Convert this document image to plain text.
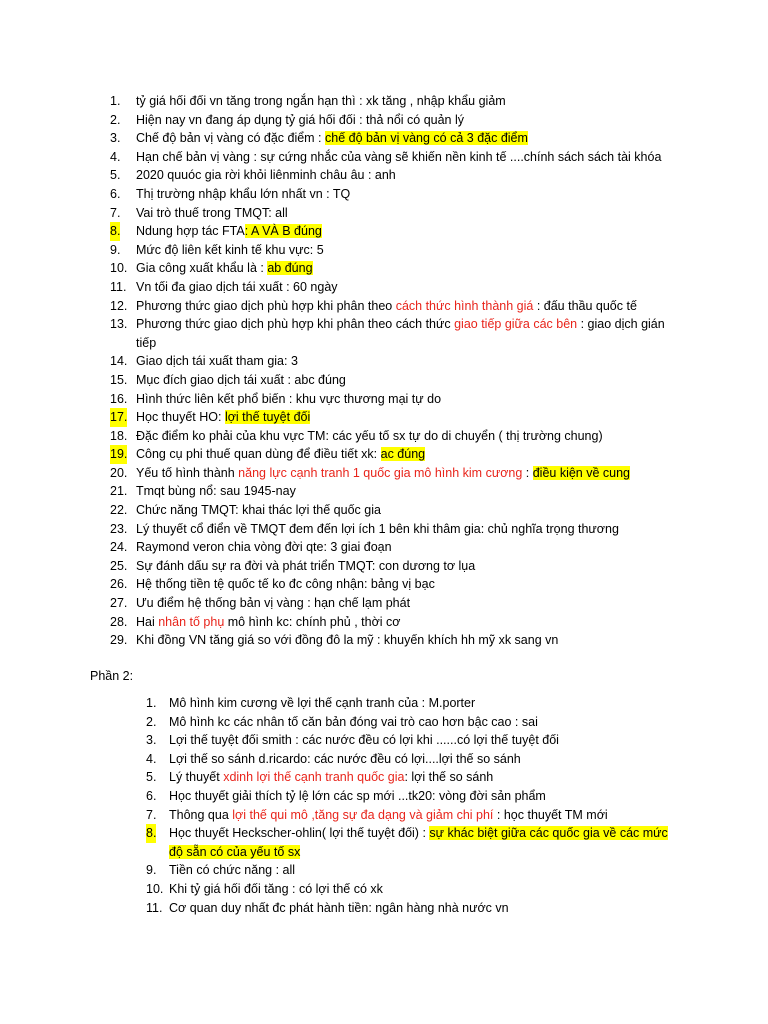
1. tỷ giá hối đối vn tăng trong ngắn hạn thì : xk tăng , nhập khẩu giảm
2. Hiện nay vn đang áp dụng tỷ giá hối đối : thả nổi có quản lý
3. Chế độ bản vị vàng có đặc điểm : chế độ bản vị vàng có cả 3 đặc điểm
4. Hạn chế bản vị vàng : sự cứng nhắc của vàng sẽ khiến nền kinh tế ....chính sách sách tài khóa
5. 2020 quuóc gia rời khỏi liênminh châu âu : anh
6. Thị trường nhập khẩu lớn nhất vn : TQ
7. Vai trò thuế trong TMQT: all
8. Ndung hợp tác FTA: A VÀ B đúng
9. Mức độ liên kết kinh tế khu vực: 5
10. Gia công xuất khẩu là : ab đúng
11. Vn tối đa giao dịch tái xuất : 60 ngày
12. Phương thức giao dịch phù hợp khi phân theo cách thức hình thành giá : đấu thầu quốc tế
13. Phương thức giao dịch phù hợp khi phân theo cách thức giao tiếp giữa các bên : giao dịch gián tiếp
14. Giao dịch tái xuất tham gia: 3
15. Mục đích giao dịch tái xuất : abc đúng
16. Hình thức liên kết phổ biến : khu vực thương mại tự do
17. Học thuyết HO: lợi thế tuyệt đối
18. Đặc điểm ko phải của khu vực TM: các yếu tố sx tự do di chuyển ( thị trường chung)
19. Công cụ phi thuế quan dùng để điều tiết xk: ac đúng
20. Yếu tố hình thành năng lực cạnh tranh 1 quốc gia mô hình kim cương : điều kiện về cung
21. Tmqt bùng nổ: sau 1945-nay
22. Chức năng TMQT: khai thác lợi thế quốc gia
23. Lý thuyết cổ điển về TMQT đem đến lợi ích 1 bên khi thâm gia: chủ nghĩa trọng thương
24. Raymond veron chia vòng đời qte: 3 giai đoạn
25. Sự đánh dấu sự ra đời và phát triển TMQT: con dương tơ lụa
26. Hệ thống tiền tệ quốc tế ko đc công nhận: bảng vị bạc
27. Ưu điểm hệ thống bản vị vàng : hạn chế lạm phát
28. Hai nhân tố phụ mô hình kc: chính phủ , thời cơ
29. Khi đồng VN tăng giá so với đồng đô la mỹ : khuyến khích hh mỹ xk sang vn
Phần 2:
1. Mô hình kim cương về lợi thế cạnh tranh của : M.porter
2. Mô hình kc các nhân tố căn bản đóng vai trò cao hơn bậc cao : sai
3. Lợi thế tuyệt đối smith : các nước đều có lợi khi ......có lợi thế tuyệt đối
4. Lợi thế so sánh d.ricardo: các nước đều có lợi....lợi thế so sánh
5. Lý thuyết xdinh lợi thế cạnh tranh quốc gia: lợi thế so sánh
6. Học thuyết giải thích tỷ lệ lớn các sp mới ...tk20: vòng đời sản phẩm
7. Thông qua lợi thế qui mô ,tăng sự đa dạng và giảm chi phí : học thuyết TM mới
8. Học thuyết Heckscher-ohlin( lợi thế tuyệt đối) : sự khác biệt giữa các quốc gia về các mức độ sẵn có của yếu tố sx
9. Tiền có chức năng : all
10. Khi tỷ giá hối đối tăng : có lợi thế có xk
11. Cơ quan duy nhất đc phát hành tiền: ngân hàng nhà nước vn
